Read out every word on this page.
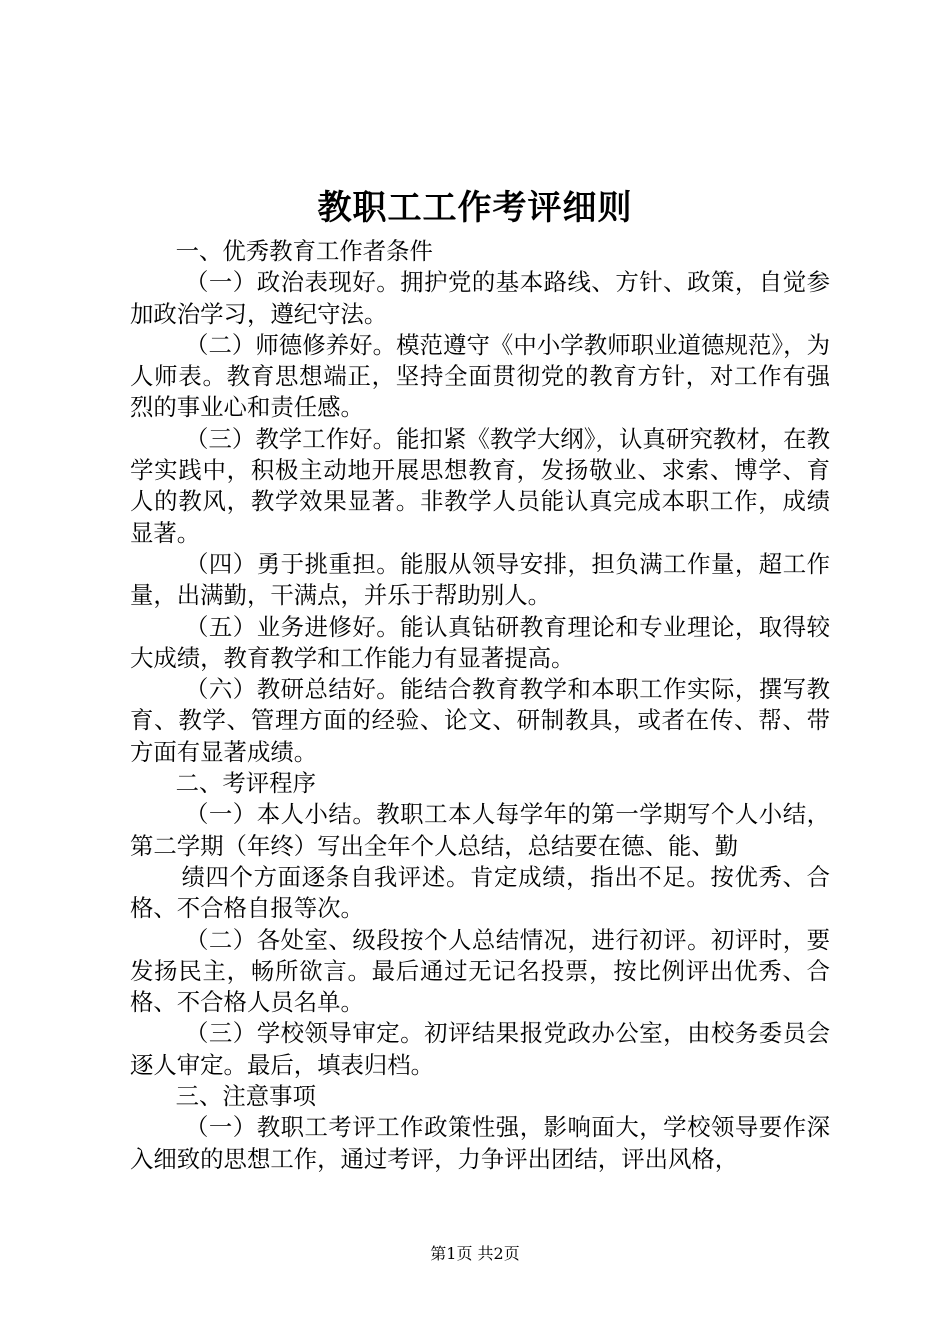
教职工工作考评细则

一、优秀教育工作者条件

（一）政治表现好。拥护党的基本路线、方针、政策，自觉参加政治学习，遵纪守法。

（二）师德修养好。模范遵守《中小学教师职业道德规范》，为人师表。教育思想端正，坚持全面贯彻党的教育方针，对工作有强烈的事业心和责任感。

（三）教学工作好。能扣紧《教学大纲》，认真研究教材，在教学实践中，积极主动地开展思想教育，发扬敬业、求索、博学、育人的教风，教学效果显著。非教学人员能认真完成本职工作，成绩显著。

（四）勇于挑重担。能服从领导安排，担负满工作量，超工作量，出满勤，干满点，并乐于帮助别人。

（五）业务进修好。能认真钻研教育理论和专业理论，取得较大成绩，教育教学和工作能力有显著提高。

（六）教研总结好。能结合教育教学和本职工作实际，撰写教育、教学、管理方面的经验、论文、研制教具，或者在传、帮、带方面有显著成绩。

二、考评程序

（一）本人小结。教职工本人每学年的第一学期写个人小结，第二学期（年终）写出全年个人总结，总结要在德、能、勤

绩四个方面逐条自我评述。肯定成绩，指出不足。按优秀、合格、不合格自报等次。

（二）各处室、级段按个人总结情况，进行初评。初评时，要发扬民主，畅所欲言。最后通过无记名投票，按比例评出优秀、合格、不合格人员名单。

（三）学校领导审定。初评结果报党政办公室，由校务委员会逐人审定。最后，填表归档。

三、注意事项

（一）教职工考评工作政策性强，影响面大，学校领导要作深入细致的思想工作，通过考评，力争评出团结，评出风格，

第1页 共2页
